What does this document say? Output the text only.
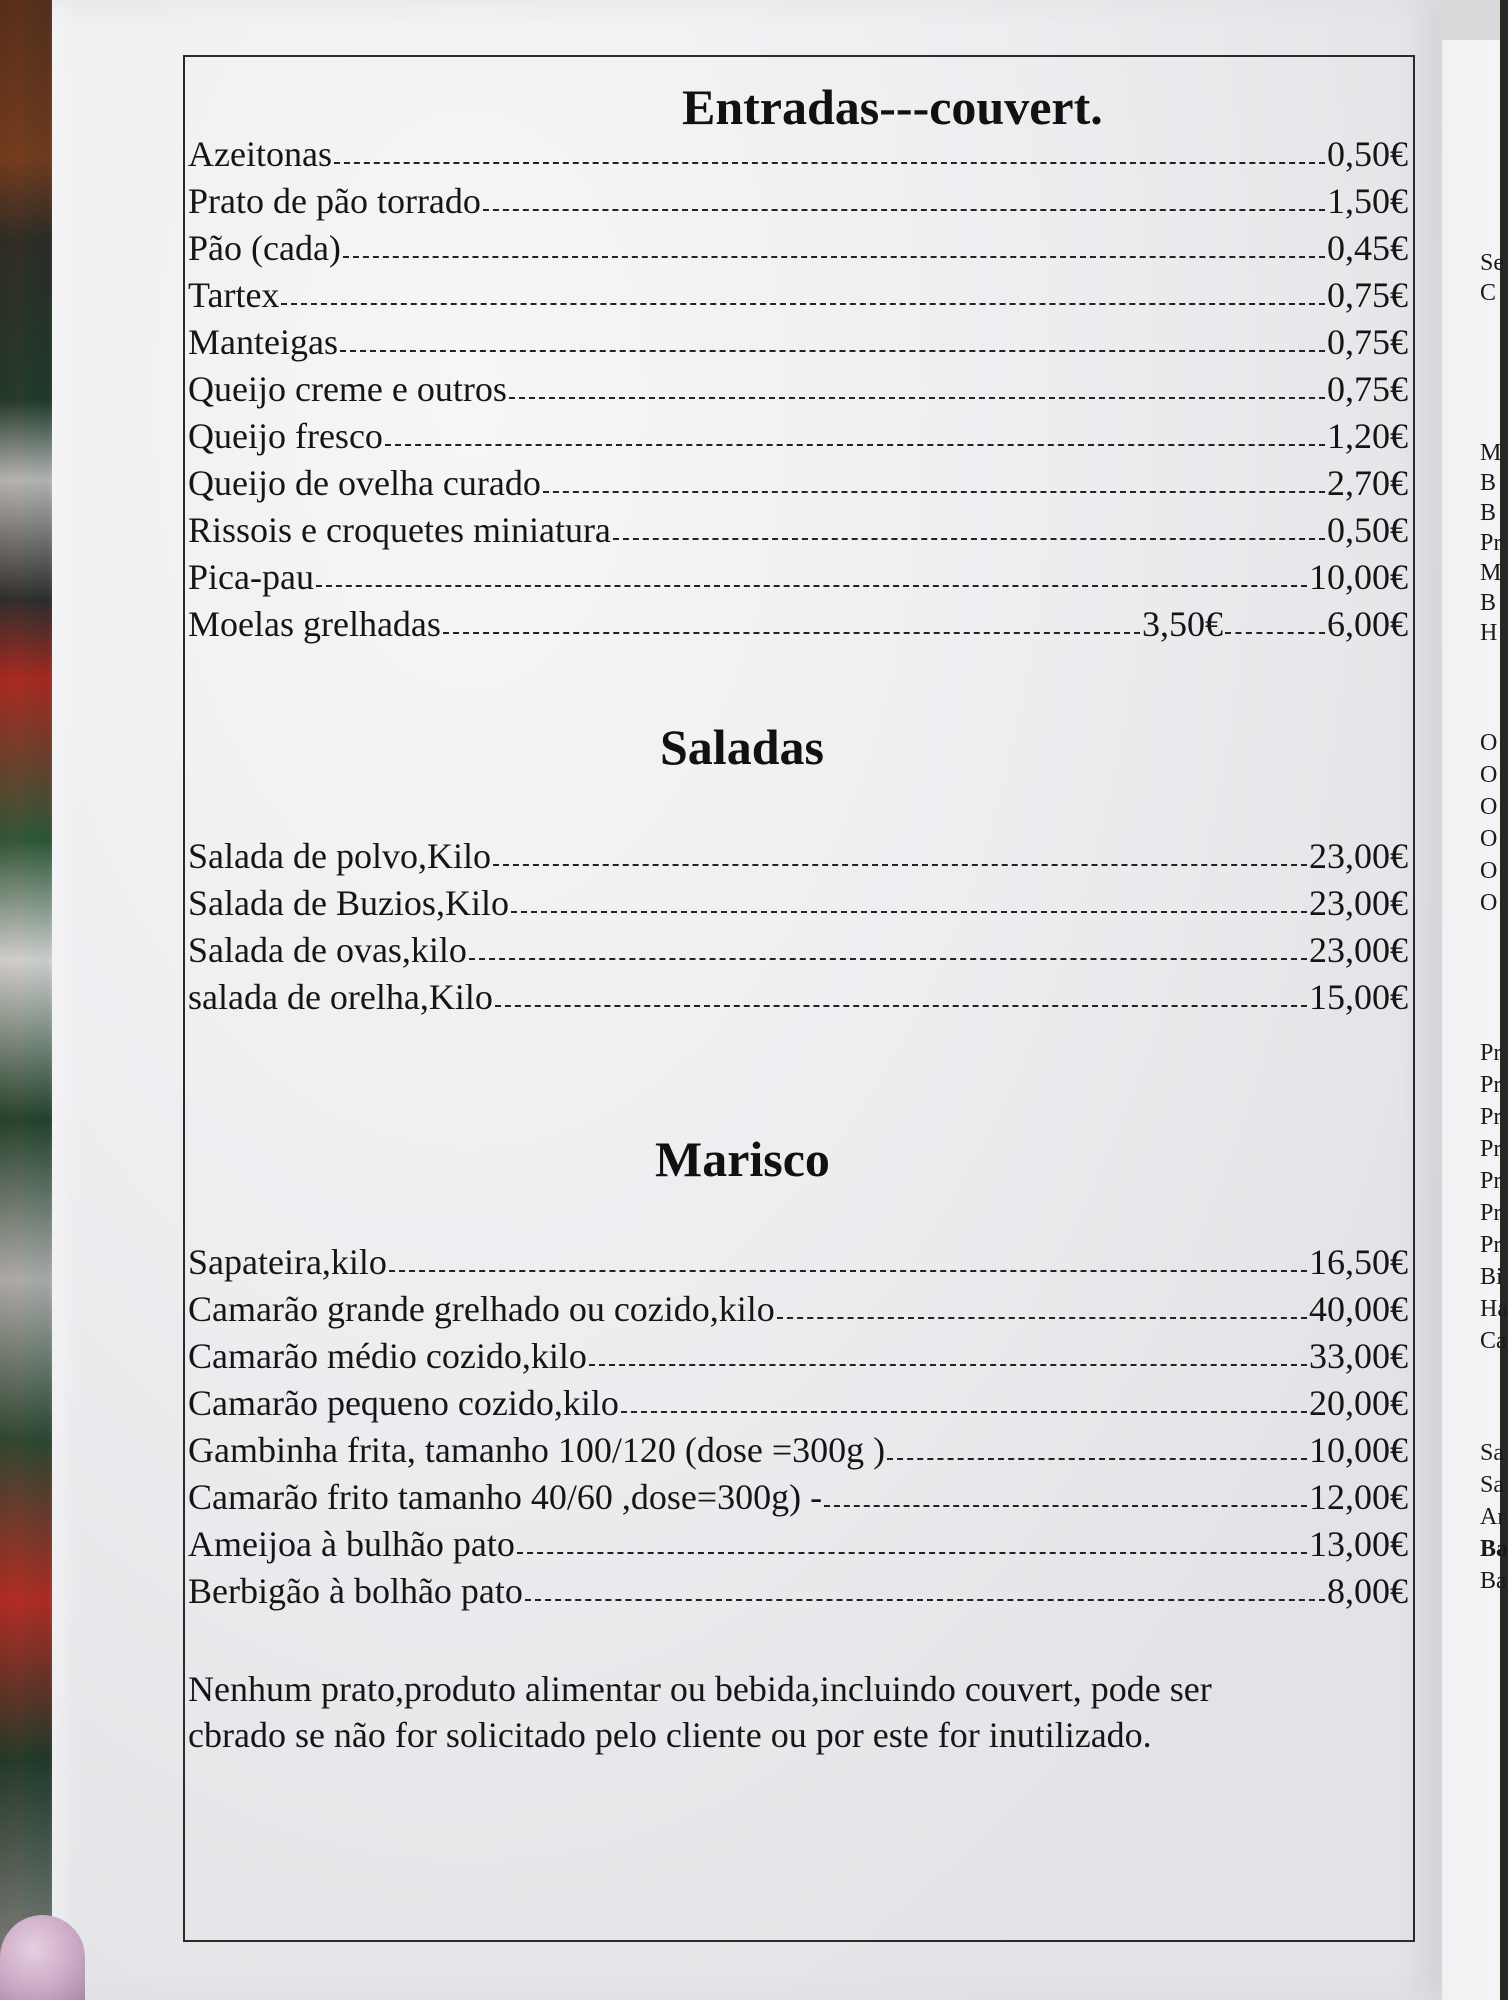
Se
C
M
B
B
Pr
M
B
H
O
O
O
O
O
O
Pr
Pr
Pr
Pr
Pr
Pr
Pr
Bi
Ha
Ca
Sa
Sa
Ar
Ba
Ba
Entradas---couvert.
Azeitonas	0,50€
Prato de pão torrado	1,50€
Pão (cada)	0,45€
Tartex	0,75€
Manteigas	0,75€
Queijo creme e outros	0,75€
Queijo fresco	1,20€
Queijo de ovelha curado	2,70€
Rissois e croquetes miniatura	0,50€
Pica-pau	10,00€
Moelas grelhadas	3,50€	6,00€
Saladas
Salada de polvo,Kilo	23,00€
Salada de Buzios,Kilo	23,00€
Salada de ovas,kilo	23,00€
salada de orelha,Kilo	15,00€
Marisco
Sapateira,kilo	16,50€
Camarão grande grelhado ou cozido,kilo	40,00€
Camarão médio cozido,kilo	33,00€
Camarão pequeno cozido,kilo	20,00€
Gambinha frita, tamanho 100/120 (dose =300g )	10,00€
Camarão frito tamanho 40/60 ,dose=300g) -	12,00€
Ameijoa à bulhão pato	13,00€
Berbigão à bolhão pato	8,00€
Nenhum prato,produto alimentar ou bebida,incluindo couvert, pode ser
cbrado se não for solicitado pelo cliente ou por este for inutilizado.
